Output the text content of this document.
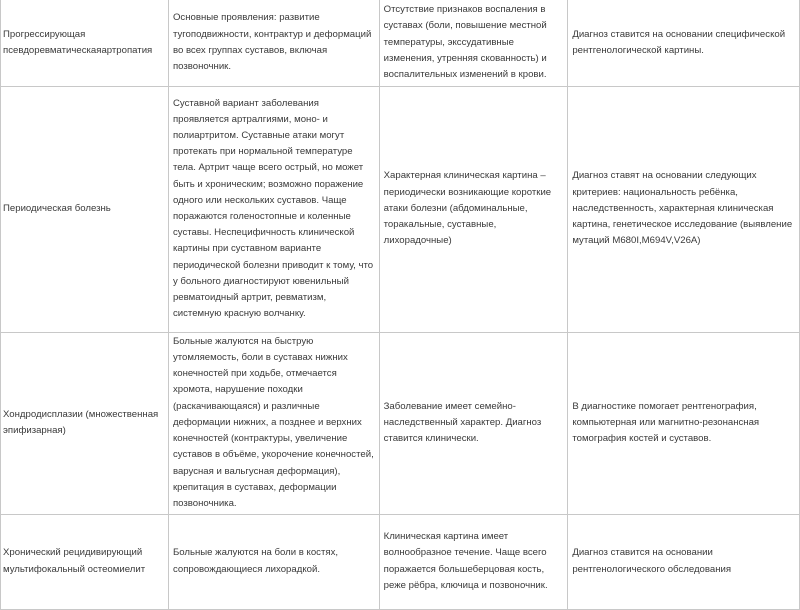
Прогрессирующая псевдоревматическаяартропатия	Основные проявления: развитие тугоподвижности, контрактур и деформаций во всех группах суставов, включая позвоночник.	Отсутствие признаков воспаления в суставах (боли, повышение местной температуры, экссудативные изменения, утренняя скованность) и воспалительных изменений в крови.	Диагноз ставится на основании специфической рентгенологической картины.
Периодическая болезнь	Суставной вариант заболевания проявляется артралгиями, моно- и полиартритом. Суставные атаки могут протекать при нормальной температуре тела. Артрит чаще всего острый, но может быть и хроническим; возможно поражение одного или нескольких суставов. Чаще поражаются голеностопные и коленные суставы. Неспецифичность клинической картины при суставном варианте периодической болезни приводит к тому, что у больного диагностируют ювенильный ревматоидный артрит, ревматизм, системную красную волчанку.	Характерная клиническая картина – периодически возникающие короткие атаки болезни (абдоминальные, торакальные, суставные, лихорадочные)	Диагноз ставят на основании следующих критериев: национальность ребёнка, наследственность, характерная клиническая картина, генетическое исследование (выявление мутаций M680I,M694V,V26A)
Хондродисплазии (множественная эпифизарная)	Больные жалуются на быструю утомляемость, боли в суставах нижних конечностей при ходьбе, отмечается хромота, нарушение походки (раскачивающаяся) и различные деформации нижних, а позднее и верхних конечностей (контрактуры, увеличение суставов в объёме, укорочение конечностей, варусная и вальгусная деформация), крепитация в суставах, деформации позвоночника.	Заболевание имеет семейно-наследственный характер. Диагноз ставится клинически.	В диагностике помогает рентгенография, компьютерная или магнитно-резонансная томография костей и суставов.
Хронический рецидивирующий мультифокальный остеомиелит	Больные жалуются на боли в костях, сопровождающиеся лихорадкой.	Клиническая картина имеет волнообразное течение. Чаще всего поражается большеберцовая кость, реже рёбра, ключица и позвоночник.	Диагноз ставится на основании рентгенологического обследования
